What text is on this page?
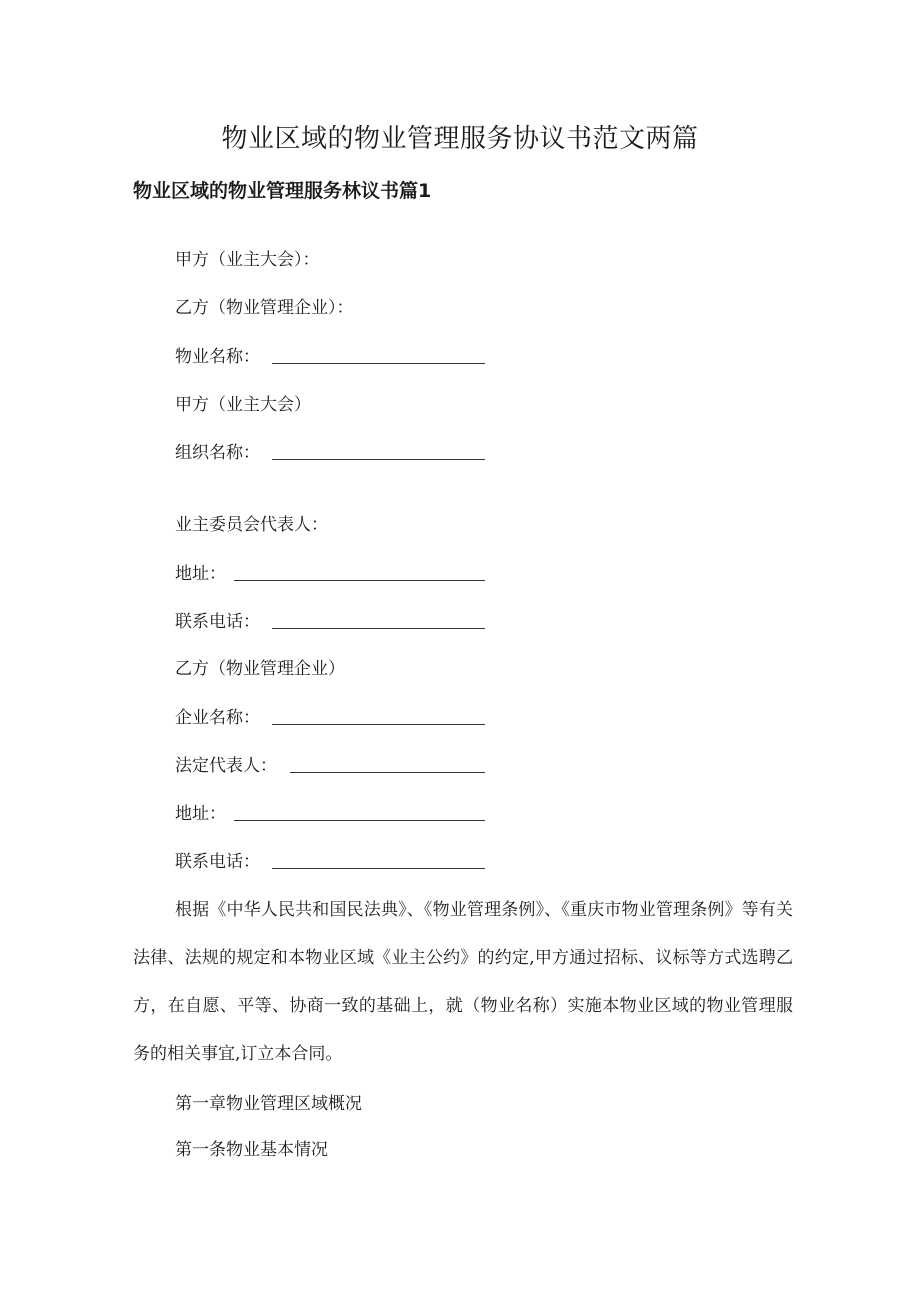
物业区域的物业管理服务协议书范文两篇
物业区域的物业管理服务林议书篇1
甲方（业主大会）：
乙方（物业管理企业）：
物业名称：
甲方（业主大会）
组织名称：
业主委员会代表人：
地址：
联系电话：
乙方（物业管理企业）
企业名称：
法定代表人：
地址：
联系电话：
根据《中华人民共和国民法典》、《物业管理条例》、《重庆市物业管理条例》等有关法律、法规的规定和本物业区域《业主公约》的约定,甲方通过招标、议标等方式选聘乙方，在自愿、平等、协商一致的基础上，就（物业名称）实施本物业区域的物业管理服务的相关事宜,订立本合同。
第一章物业管理区域概况
第一条物业基本情况
